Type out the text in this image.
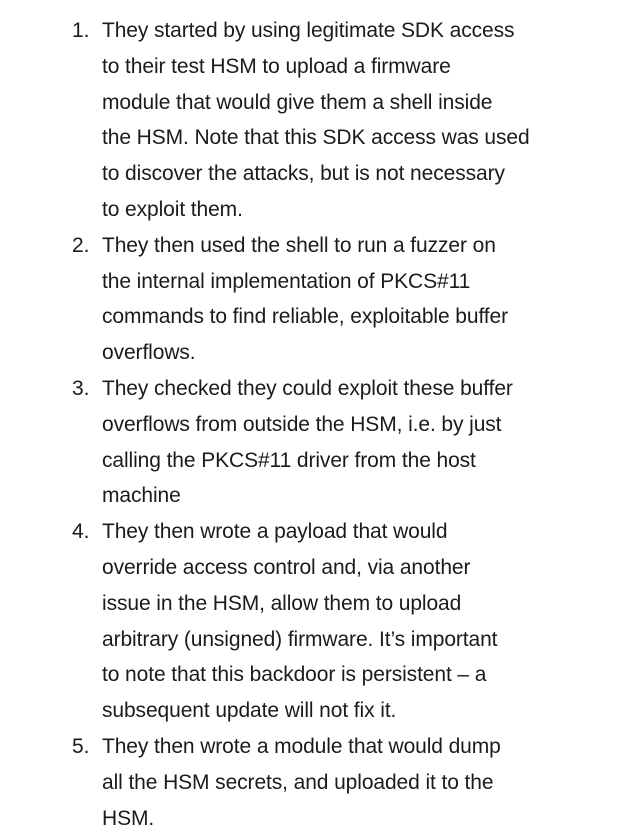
1. They started by using legitimate SDK access
to their test HSM to upload a firmware
module that would give them a shell inside
the HSM. Note that this SDK access was used
to discover the attacks, but is not necessary
to exploit them.
2. They then used the shell to run a fuzzer on
the internal implementation of PKCS#11
commands to find reliable, exploitable buffer
overflows.
3. They checked they could exploit these buffer
overflows from outside the HSM, i.e. by just
calling the PKCS#11 driver from the host
machine
4. They then wrote a payload that would
override access control and, via another
issue in the HSM, allow them to upload
arbitrary (unsigned) firmware. It’s important
to note that this backdoor is persistent – a
subsequent update will not fix it.
5. They then wrote a module that would dump
all the HSM secrets, and uploaded it to the
HSM.
